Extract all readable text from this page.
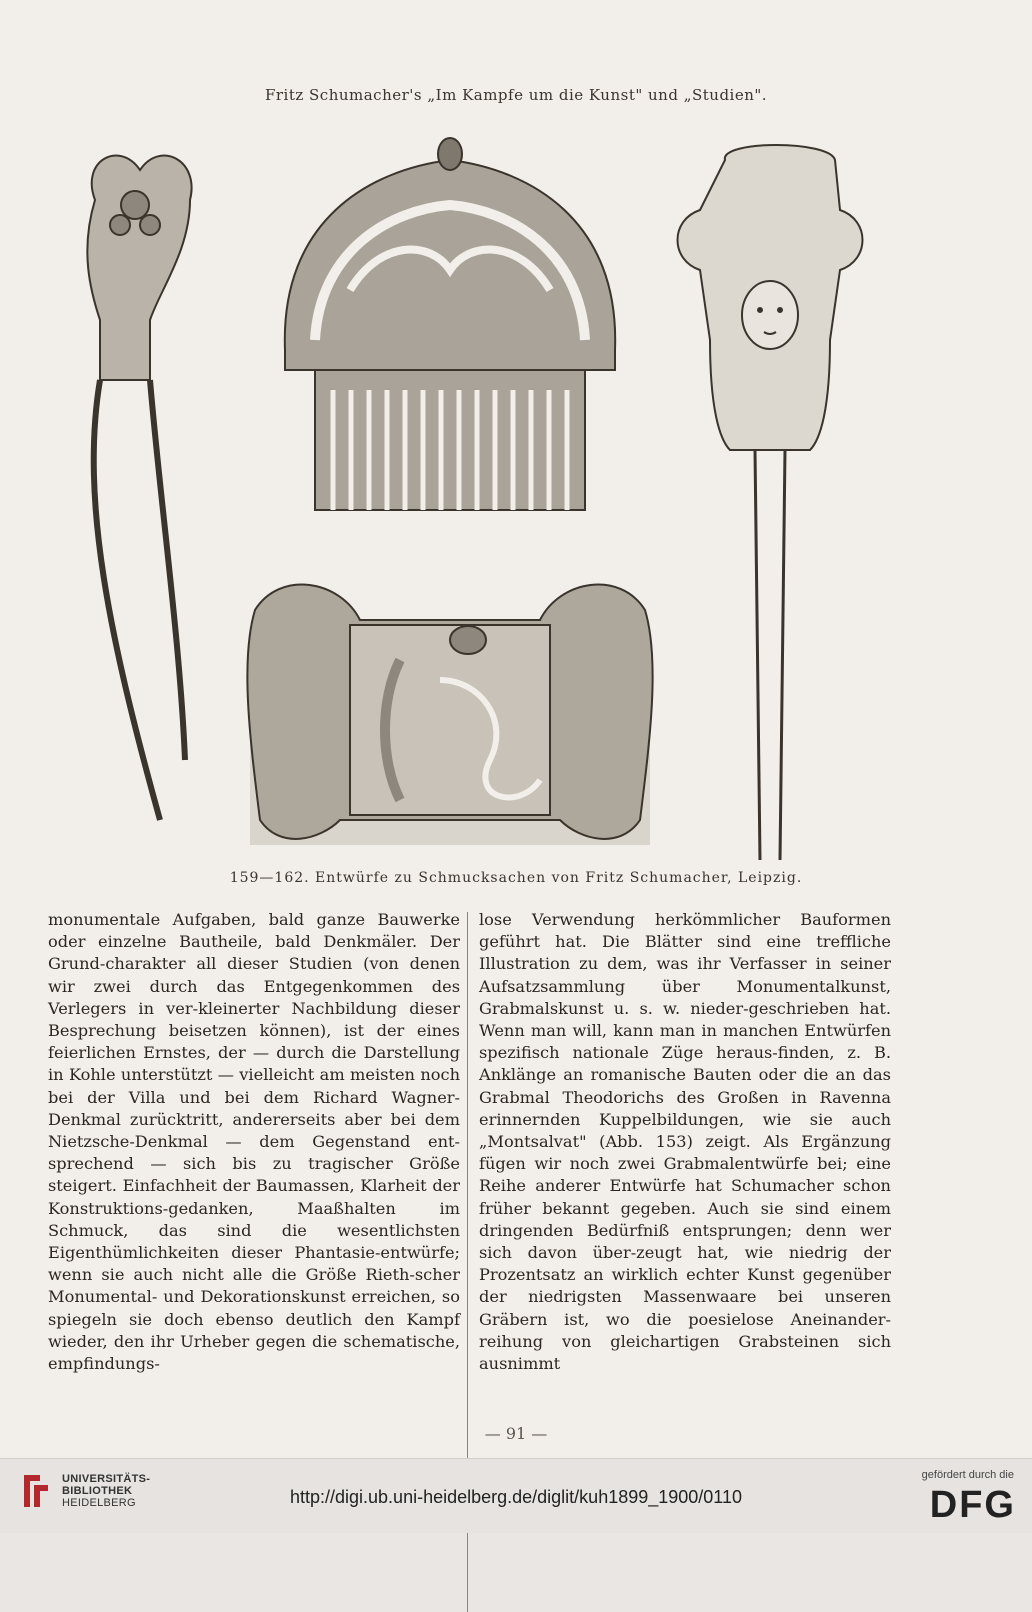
Fritz Schumacher's „Im Kampfe um die Kunst" und „Studien".
159—162. Entwürfe zu Schmucksachen von Fritz Schumacher, Leipzig.

monumentale Aufgaben, bald ganze Bauwerke oder einzelne Bautheile, bald Denkmäler. Der Grund-charakter all dieser Studien (von denen wir zwei durch das Entgegenkommen des Verlegers in ver-kleinerter Nachbildung dieser Besprechung beisetzen können), ist der eines feierlichen Ernstes, der — durch die Darstellung in Kohle unterstützt — vielleicht am meisten noch bei der Villa und bei dem Richard Wagner-Denkmal zurücktritt, andererseits aber bei dem Nietzsche-Denkmal — dem Gegenstand ent-sprechend — sich bis zu tragischer Größe steigert. Einfachheit der Baumassen, Klarheit der Konstruktions-gedanken, Maaßhalten im Schmuck, das sind die wesentlichsten Eigenthümlichkeiten dieser Phantasie-entwürfe; wenn sie auch nicht alle die Größe Rieth-scher Monumental- und Dekorationskunst erreichen, so spiegeln sie doch ebenso deutlich den Kampf wieder, den ihr Urheber gegen die schematische, empfindungs-

lose Verwendung herkömmlicher Bauformen geführt hat. Die Blätter sind eine treffliche Illustration zu dem, was ihr Verfasser in seiner Aufsatzsammlung über Monumentalkunst, Grabmalskunst u. s. w. nieder-geschrieben hat. Wenn man will, kann man in manchen Entwürfen spezifisch nationale Züge heraus-finden, z. B. Anklänge an romanische Bauten oder die an das Grabmal Theodorichs des Großen in Ravenna erinnernden Kuppelbildungen, wie sie auch „Montsalvat" (Abb. 153) zeigt. Als Ergänzung fügen wir noch zwei Grabmalentwürfe bei; eine Reihe anderer Entwürfe hat Schumacher schon früher bekannt gegeben. Auch sie sind einem dringenden Bedürfniß entsprungen; denn wer sich davon über-zeugt hat, wie niedrig der Prozentsatz an wirklich echter Kunst gegenüber der niedrigsten Massenwaare bei unseren Gräbern ist, wo die poesielose Aneinander-reihung von gleichartigen Grabsteinen sich ausnimmt

— 91 —
UNIVERSITÄTS-
BIBLIOTHEK
HEIDELBERG	http://digi.ub.uni-heidelberg.de/diglit/kuh1899_1900/0110
gefördert durch die
DFG
